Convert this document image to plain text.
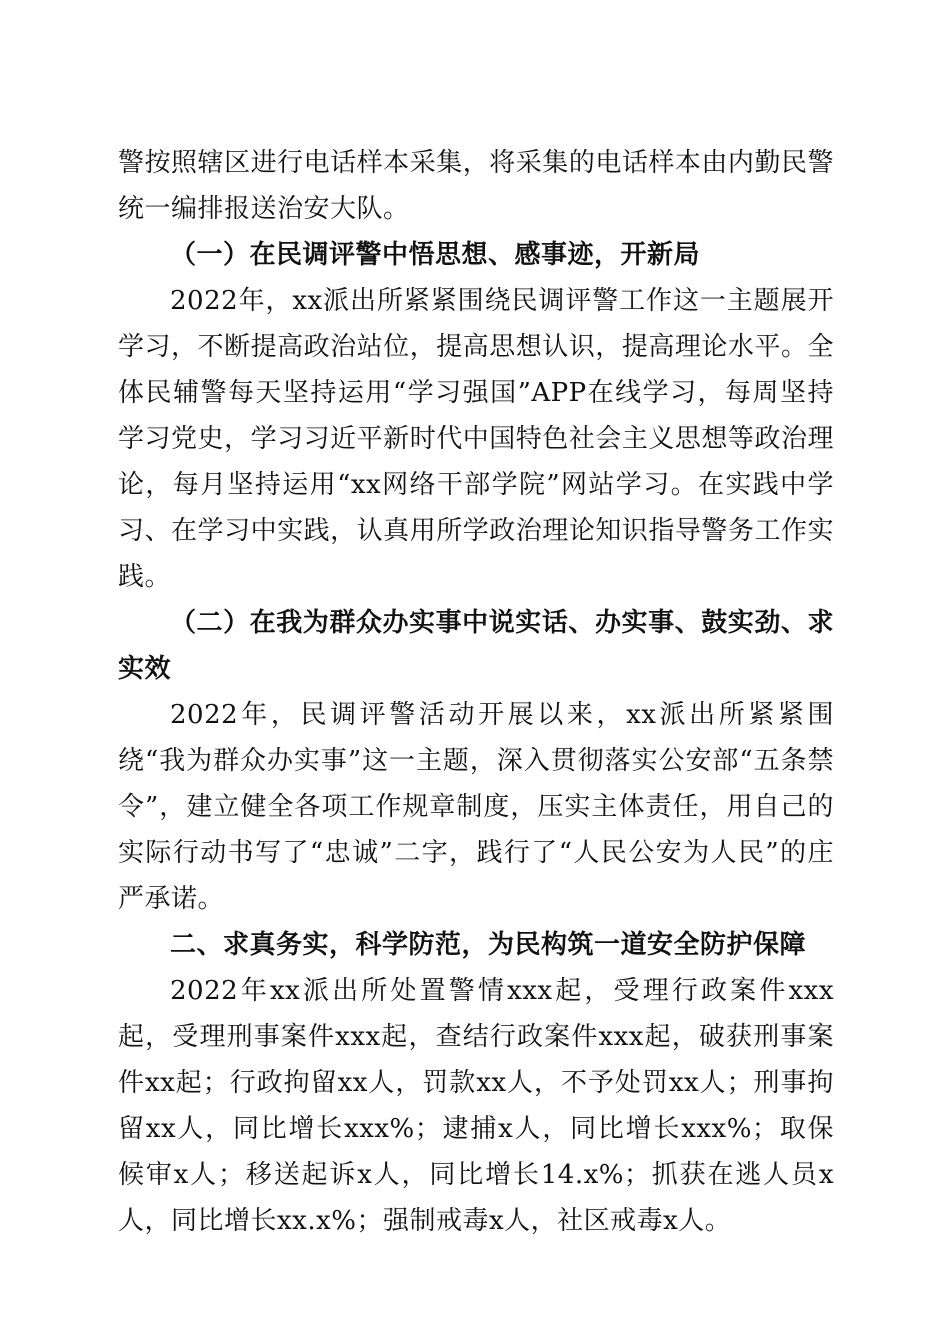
警按照辖区进行电话样本采集，将采集的电话样本由内勤民警统一编排报送治安大队。

（一）在民调评警中悟思想、感事迹，开新局

2022年，xx派出所紧紧围绕民调评警工作这一主题展开学习，不断提高政治站位，提高思想认识，提高理论水平。全体民辅警每天坚持运用“学习强国”APP在线学习，每周坚持学习党史，学习习近平新时代中国特色社会主义思想等政治理论，每月坚持运用“xx网络干部学院”网站学习。在实践中学习、在学习中实践，认真用所学政治理论知识指导警务工作实践。

（二）在我为群众办实事中说实话、办实事、鼓实劲、求实效

2022年，民调评警活动开展以来，xx派出所紧紧围绕“我为群众办实事”这一主题，深入贯彻落实公安部“五条禁令”，建立健全各项工作规章制度，压实主体责任，用自己的实际行动书写了“忠诚”二字，践行了“人民公安为人民”的庄严承诺。

二、求真务实，科学防范，为民构筑一道安全防护保障

2022年xx派出所处置警情xxx起，受理行政案件xxx起，受理刑事案件xxx起，查结行政案件xxx起，破获刑事案件xx起；行政拘留xx人，罚款xx人，不予处罚xx人；刑事拘留xx人，同比增长xxx%；逮捕x人，同比增长xxx%；取保候审x人；移送起诉x人，同比增长14.x%；抓获在逃人员x人，同比增长xx.x%；强制戒毒x人，社区戒毒x人。
